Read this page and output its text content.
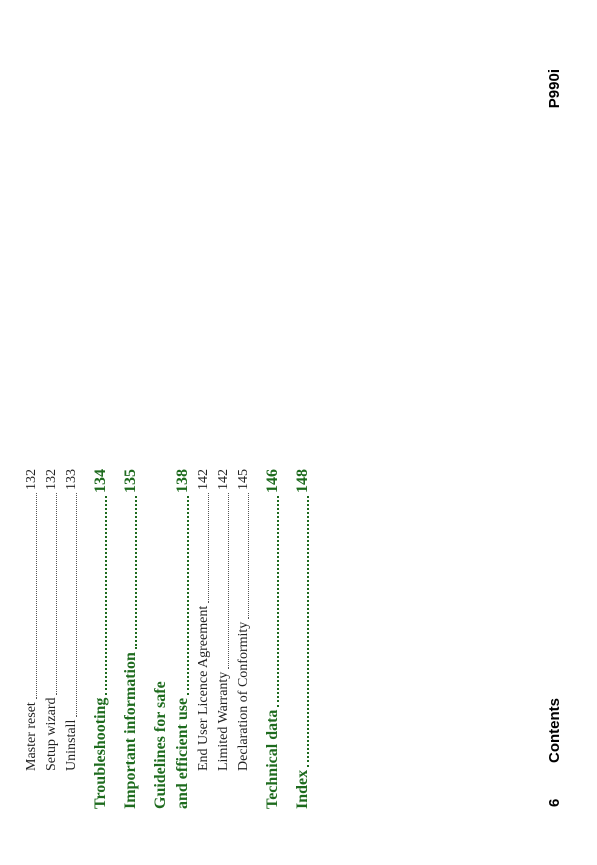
Master reset
132
Setup wizard
132
Uninstall
133
Troubleshooting
134
Important information
135
Guidelines for safe and efficient use
138
End User Licence Agreement
142
Limited Warranty
142
Declaration of Conformity
145
Technical data
146
Index
148
6
Contents
P990i
